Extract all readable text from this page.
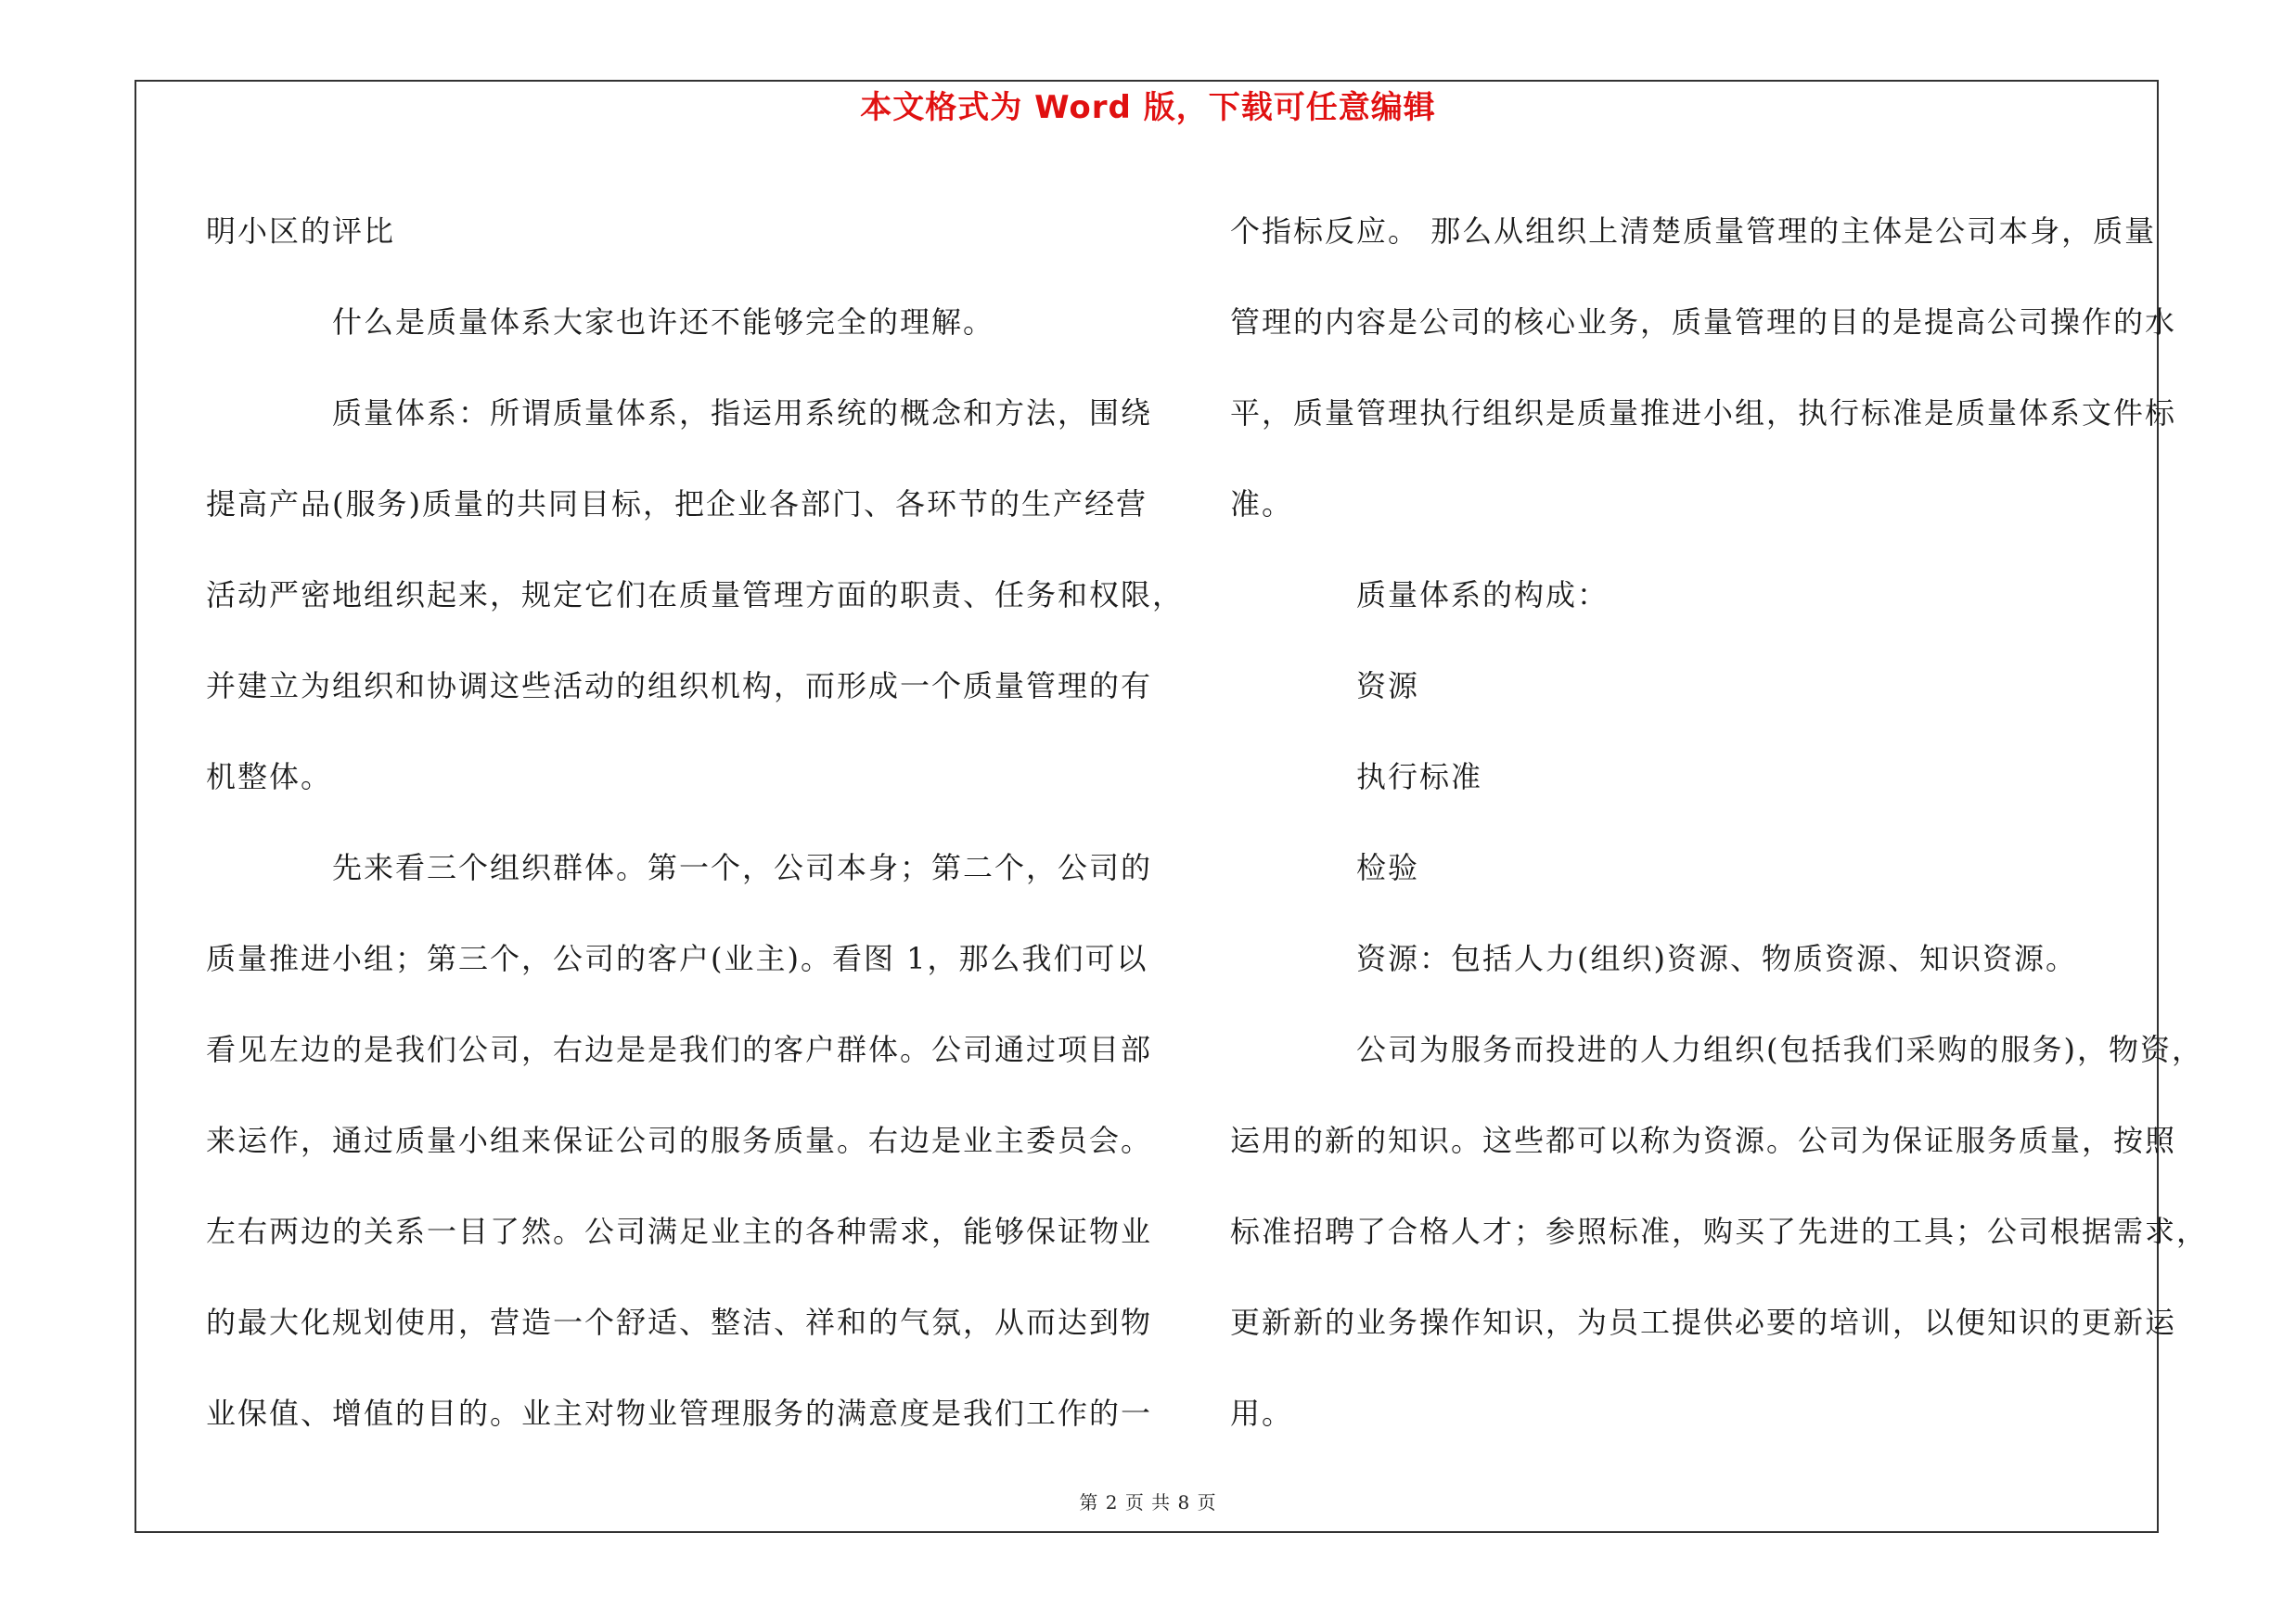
本文格式为 Word 版，下载可任意编辑

明小区的评比

什么是质量体系大家也许还不能够完全的理解。

质量体系：所谓质量体系，指运用系统的概念和方法，围绕

提高产品(服务)质量的共同目标，把企业各部门、各环节的生产经营

活动严密地组织起来，规定它们在质量管理方面的职责、任务和权限，

并建立为组织和协调这些活动的组织机构，而形成一个质量管理的有

机整体。

先来看三个组织群体。第一个，公司本身；第二个，公司的

质量推进小组；第三个，公司的客户(业主)。看图 1，那么我们可以

看见左边的是我们公司，右边是是我们的客户群体。公司通过项目部

来运作，通过质量小组来保证公司的服务质量。右边是业主委员会。

左右两边的关系一目了然。公司满足业主的各种需求，能够保证物业

的最大化规划使用，营造一个舒适、整洁、祥和的气氛，从而达到物

业保值、增值的目的。业主对物业管理服务的满意度是我们工作的一

个指标反应。 那么从组织上清楚质量管理的主体是公司本身，质量

管理的内容是公司的核心业务，质量管理的目的是提高公司操作的水

平，质量管理执行组织是质量推进小组，执行标准是质量体系文件标

准。

质量体系的构成：

资源

执行标准

检验

资源：包括人力(组织)资源、物质资源、知识资源。

公司为服务而投进的人力组织(包括我们采购的服务)，物资，

运用的新的知识。这些都可以称为资源。公司为保证服务质量，按照

标准招聘了合格人才；参照标准，购买了先进的工具；公司根据需求，

更新新的业务操作知识，为员工提供必要的培训，以便知识的更新运

用。

第 2 页 共 8 页
